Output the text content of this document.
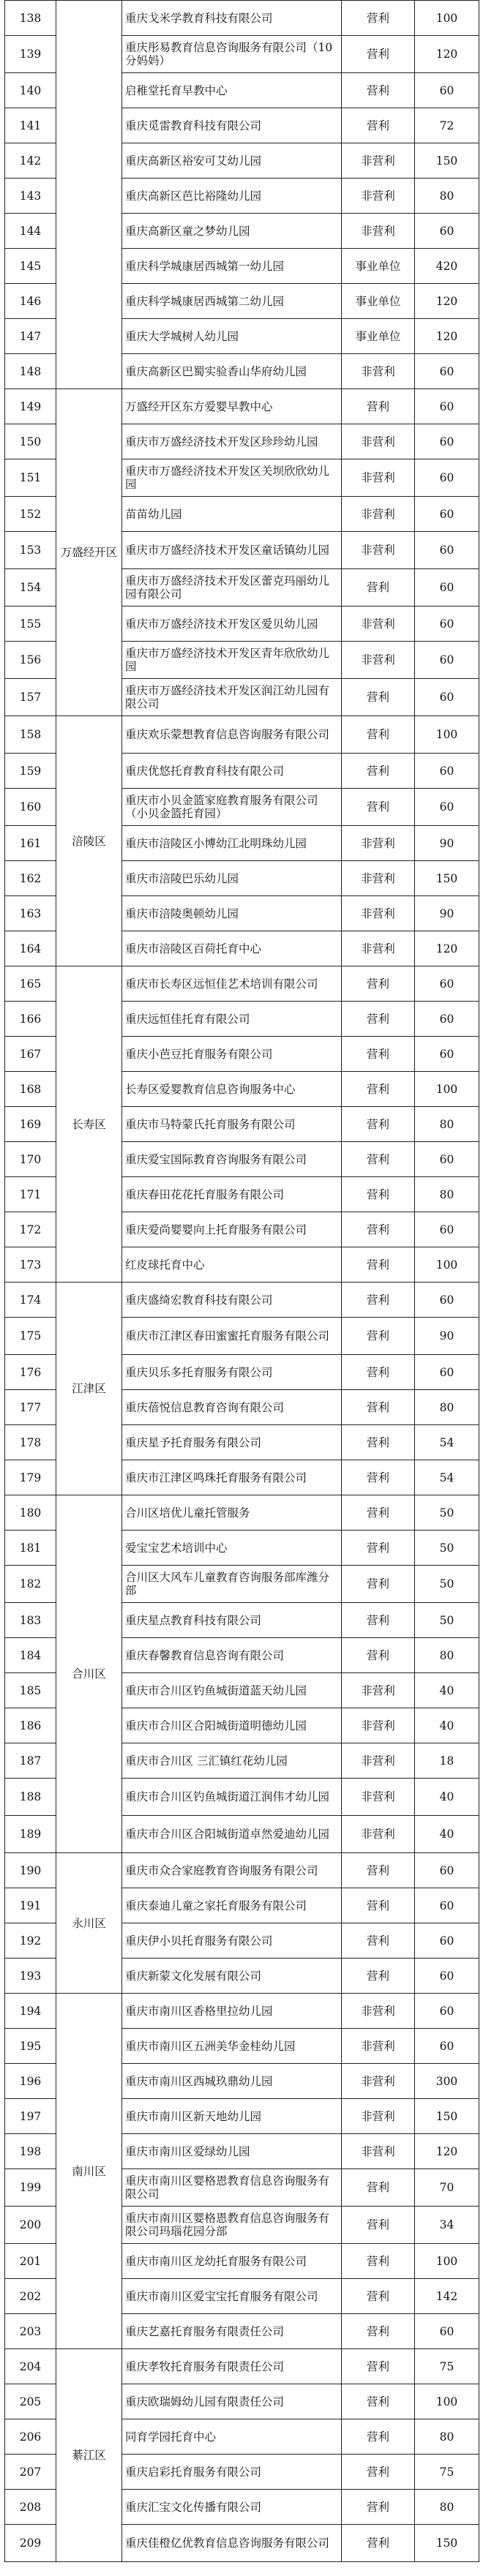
138		重庆戈米学教育科技有限公司	营利	100
139		重庆彤易教育信息咨询服务有限公司（10分妈妈）	营利	120
140		启稚堂托育早教中心	营利	60
141		重庆觅雷教育科技有限公司	营利	72
142		重庆高新区裕安可艾幼儿园	非营利	150
143		重庆高新区芭比裕隆幼儿园	非营利	80
144		重庆高新区童之梦幼儿园	非营利	60
145		重庆科学城康居西城第一幼儿园	事业单位	420
146		重庆科学城康居西城第二幼儿园	事业单位	120
147		重庆大学城树人幼儿园	事业单位	120
148		重庆高新区巴蜀实验香山华府幼儿园	非营利	60
149	万盛经开区	万盛经开区东方爱婴早教中心	营利	60
150		重庆市万盛经济技术开发区珍珍幼儿园	非营利	60
151		重庆市万盛经济技术开发区关坝欣欣幼儿园	非营利	60
152		苗苗幼儿园	非营利	60
153		重庆市万盛经济技术开发区童话镇幼儿园	非营利	60
154		重庆市万盛经济技术开发区蕾克玛丽幼儿园有限公司	营利	60
155		重庆市万盛经济技术开发区爱贝幼儿园	非营利	60
156		重庆市万盛经济技术开发区青年欣欣幼儿园	非营利	60
157		重庆市万盛经济技术开发区润江幼儿园有限公司	营利	60
158	涪陵区	重庆欢乐蒙想教育信息咨询服务有限公司	营利	100
159		重庆优悠托育教育科技有限公司	营利	60
160		重庆市小贝金篮家庭教育服务有限公司（小贝金篮托育园）	营利	60
161		重庆市涪陵区小博幼江北明珠幼儿园	非营利	90
162		重庆市涪陵巴乐幼儿园	非营利	150
163		重庆市涪陵奥顿幼儿园	非营利	90
164		重庆市涪陵区百荷托育中心	非营利	120
165	长寿区	重庆市长寿区远恒佳艺术培训有限公司	营利	60
166		重庆远恒佳托育有限公司	营利	60
167		重庆小芭豆托育服务有限公司	营利	60
168		长寿区爱婴教育信息咨询服务中心	营利	100
169		重庆市马特蒙氏托育服务有限公司	营利	80
170		重庆爱宝国际教育咨询服务有限公司	营利	60
171		重庆春田花花托育服务有限公司	营利	80
172		重庆爱尚婴婴向上托育服务有限公司	营利	60
173		红皮球托育中心	营利	100
174	江津区	重庆盛绮宏教育科技有限公司	营利	60
175		重庆市江津区春田蜜蜜托育服务有限公司	营利	90
176		重庆贝乐多托育服务有限公司	营利	60
177		重庆蓓悦信息教育咨询有限公司	营利	80
178		重庆星予托育服务有限公司	营利	54
179		重庆市江津区鸣珠托育服务有限公司	营利	54
180	合川区	合川区培优儿童托管服务	营利	50
181		爱宝宝艺术培训中心	营利	50
182		合川区大风车儿童教育咨询服务部库潍分部	营利	50
183		重庆星点教育科技有限公司	营利	50
184		重庆春馨教育信息咨询有限公司	营利	80
185		重庆市合川区钓鱼城街道蓝天幼儿园	非营利	40
186		重庆市合川区合阳城街道明德幼儿园	非营利	40
187		重庆市合川区 三汇镇红花幼儿园	非营利	18
188		重庆市合川区钓鱼城街道江润伟才幼儿园	非营利	40
189		重庆市合川区合阳城街道卓然爱迪幼儿园	非营利	40
190	永川区	重庆市众合家庭教育咨询服务有限公司	营利	60
191		重庆泰迪儿童之家托育服务有限公司	营利	60
192		重庆伊小贝托育服务有限公司	营利	60
193		重庆新蒙文化发展有限公司	营利	60
194	南川区	重庆市南川区香格里拉幼儿园	非营利	60
195		重庆市南川区五洲美华金桂幼儿园	非营利	60
196		重庆市南川区西城玖鼎幼儿园	非营利	300
197		重庆市南川区新天地幼儿园	非营利	150
198		重庆市南川区爱绿幼儿园	非营利	120
199		重庆市南川区婴格恩教育信息咨询服务有限公司	营利	70
200		重庆市南川区婴格恩教育信息咨询服务有限公司玛瑙花园分部	营利	34
201		重庆市南川区龙幼托育服务有限公司	营利	100
202		重庆市南川区爱宝宝托育服务有限公司	营利	142
203		重庆艺嘉托育服务有限责任公司	营利	60
204	綦江区	重庆孝牧托育服务有限责任公司	营利	75
205		重庆欧瑞姆幼儿园有限责任公司	营利	100
206		同育学园托育中心	营利	80
207		重庆启彩托育服务有限公司	营利	75
208		重庆汇宝文化传播有限公司	营利	80
209		重庆佳橙亿优教育信息咨询服务有限公司	营利	150
